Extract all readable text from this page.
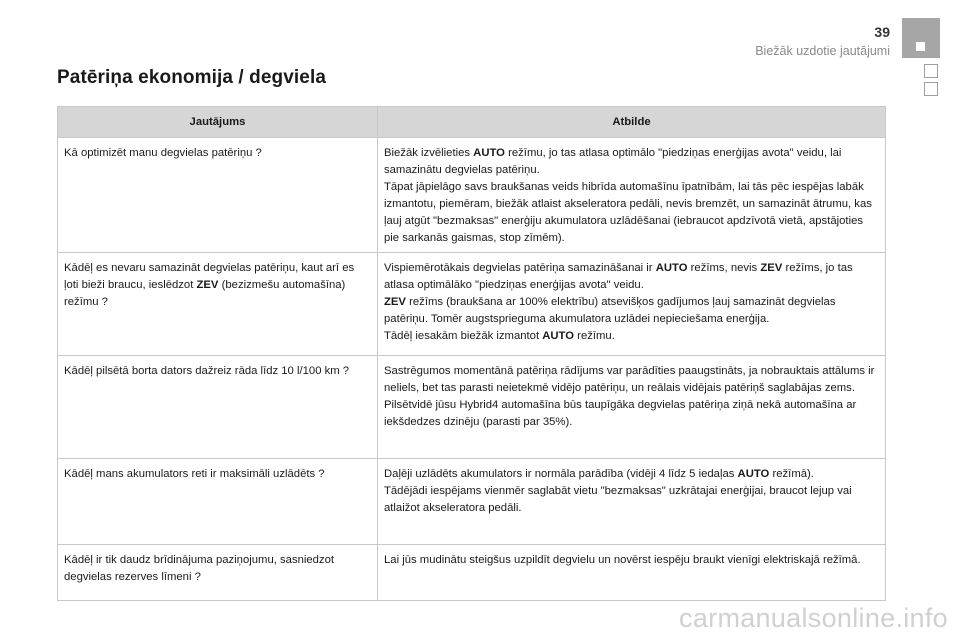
39
Biežāk uzdotie jautājumi
Patēriņa ekonomija / degviela
Jautājums	Atbilde
Kā optimizēt manu degvielas patēriņu ?	Biežāk izvēlieties AUTO režīmu, jo tas atlasa optimālo "piedziņas enerģijas avota" veidu, lai samazinātu degvielas patēriņu.
Tāpat jāpielāgo savs braukšanas veids hibrīda automašīnu īpatnībām, lai tās pēc iespējas labāk izmantotu, piemēram, biežāk atlaist akseleratora pedāli, nevis bremzēt, un samazināt ātrumu, kas ļauj atgūt "bezmaksas" enerģiju akumulatora uzlādēšanai (iebraucot apdzīvotā vietā, apstājoties pie sarkanās gaismas, stop zīmēm).
Kādēļ es nevaru samazināt degvielas patēriņu, kaut arī es ļoti bieži braucu, ieslēdzot ZEV (bezizmešu automašīna) režīmu ?	Vispiemērotākais degvielas patēriņa samazināšanai ir AUTO režīms, nevis ZEV režīms, jo tas atlasa optimālāko "piedziņas enerģijas avota" veidu.
ZEV režīms (braukšana ar 100% elektrību) atsevišķos gadījumos ļauj samazināt degvielas patēriņu. Tomēr augstsprieguma akumulatora uzlādei nepieciešama enerģija.
Tādēļ iesakām biežāk izmantot AUTO režīmu.
Kādēļ pilsētā borta dators dažreiz rāda līdz 10 l/100 km ?	Sastrēgumos momentānā patēriņa rādījums var parādīties paaugstināts, ja nobrauktais attālums ir neliels, bet tas parasti neietekmē vidējo patēriņu, un reālais vidējais patēriņš saglabājas zems.
Pilsētvidē jūsu Hybrid4 automašīna būs taupīgāka degvielas patēriņa ziņā nekā automašīna ar iekšdedzes dzinēju (parasti par 35%).
Kādēļ mans akumulators reti ir maksimāli uzlādēts ?	Daļēji uzlādēts akumulators ir normāla parādība (vidēji 4 līdz 5 iedaļas AUTO režīmā).
Tādējādi iespējams vienmēr saglabāt vietu "bezmaksas" uzkrātajai enerģijai, braucot lejup vai atlaižot akseleratora pedāli.
Kādēļ ir tik daudz brīdinājuma paziņojumu, sasniedzot degvielas rezerves līmeni ?	Lai jūs mudinātu steigšus uzpildīt degvielu un novērst iespēju braukt vienīgi elektriskajā režīmā.
carmanualsonline.info
